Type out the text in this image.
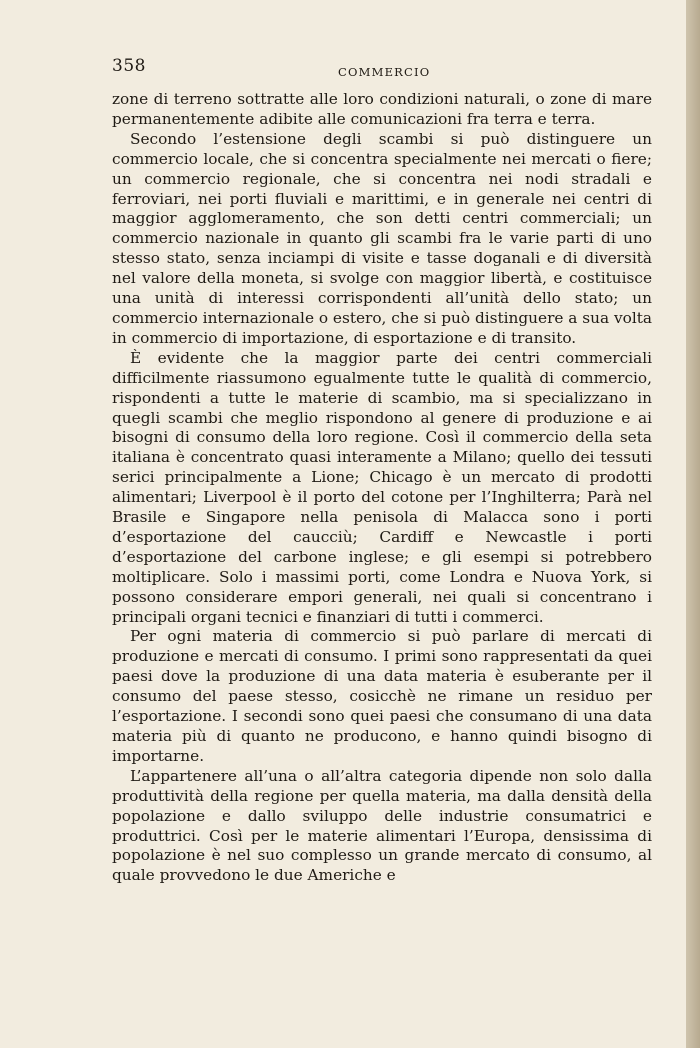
358	COMMERCIO

zone di terreno sottratte alle loro condizioni naturali, o zone di mare permanentemente adibite alle comunicazioni fra terra e terra.

Secondo l’estensione degli scambi si può distinguere un commercio locale, che si concentra specialmente nei mercati o fiere; un commercio regionale, che si concentra nei nodi stradali e ferroviari, nei porti fluviali e marittimi, e in generale nei centri di maggior agglomeramento, che son detti centri commerciali; un commercio nazionale in quanto gli scambi fra le varie parti di uno stesso stato, senza inciampi di visite e tasse doganali e di diversità nel valore della moneta, si svolge con maggior libertà, e costituisce una unità di interessi corrispondenti all’unità dello stato; un commercio internazionale o estero, che si può distinguere a sua volta in commercio di importazione, di esportazione e di transito.

È evidente che la maggior parte dei centri commerciali difficilmente riassumono egualmente tutte le qualità di commercio, rispondenti a tutte le materie di scambio, ma si specializzano in quegli scambi che meglio rispondono al genere di produzione e ai bisogni di consumo della loro regione. Così il commercio della seta italiana è concentrato quasi interamente a Milano; quello dei tessuti serici principalmente a Lione; Chicago è un mercato di prodotti alimentari; Liverpool è il porto del cotone per l’Inghilterra; Parà nel Brasile e Singapore nella penisola di Malacca sono i porti d’esportazione del caucciù; Cardiff e Newcastle i porti d’esportazione del carbone inglese; e gli esempi si potrebbero moltiplicare. Solo i massimi porti, come Londra e Nuova York, si possono considerare empori generali, nei quali si concentrano i principali organi tecnici e finanziari di tutti i commerci.

Per ogni materia di commercio si può parlare di mercati di produzione e mercati di consumo. I primi sono rappresentati da quei paesi dove la produzione di una data materia è esuberante per il consumo del paese stesso, cosicchè ne rimane un residuo per l’esportazione. I secondi sono quei paesi che consumano di una data materia più di quanto ne producono, e hanno quindi bisogno di importarne.

L’appartenere all’una o all’altra categoria dipende non solo dalla produttività della regione per quella materia, ma dalla densità della popolazione e dallo sviluppo delle industrie consumatrici e produttrici. Così per le materie alimentari l’Europa, densissima di popolazione è nel suo complesso un grande mercato di consumo, al quale provvedono le due Americhe e
